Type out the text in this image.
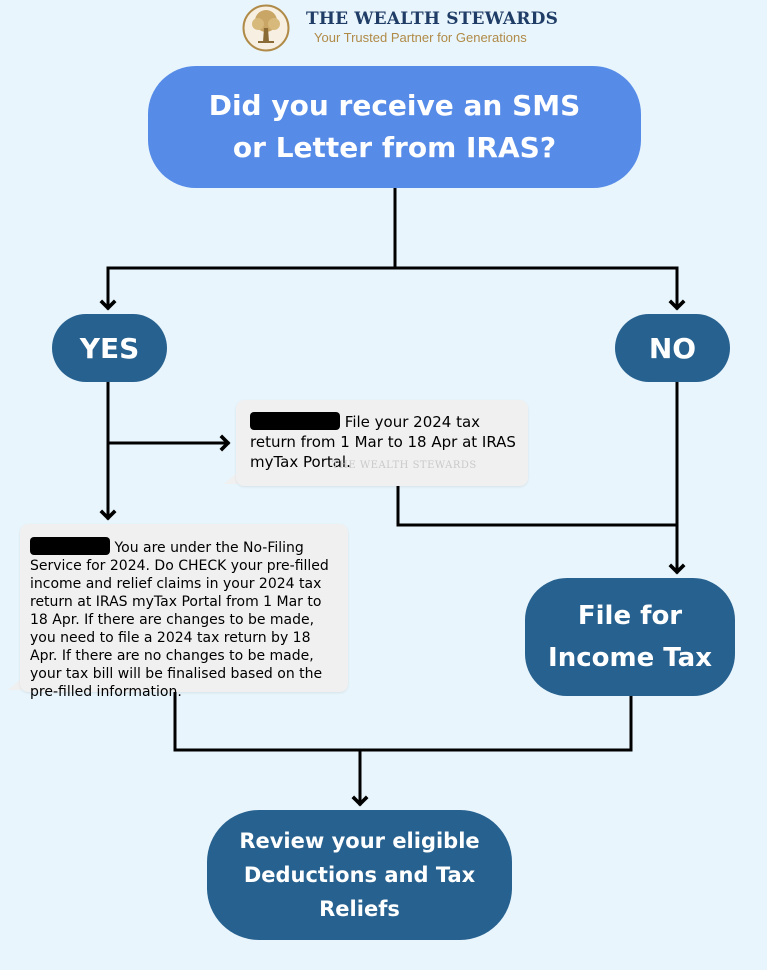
THE WEALTH STEWARDS
Your Trusted Partner for Generations
Did you receive an SMS
or Letter from IRAS?
YES	NO
File your 2024 tax return from 1 Mar to 18 Apr at IRAS myTax Portal.
THE WEALTH STEWARDS
You are under the No-Filing Service for 2024. Do CHECK your pre-filled income and relief claims in your 2024 tax return at IRAS myTax Portal from 1 Mar to 18 Apr. If there are changes to be made, you need to file a 2024 tax return by 18 Apr. If there are no changes to be made, your tax bill will be finalised based on the pre-filled information.
File for
Income Tax
Review your eligible
Deductions and Tax
Reliefs
